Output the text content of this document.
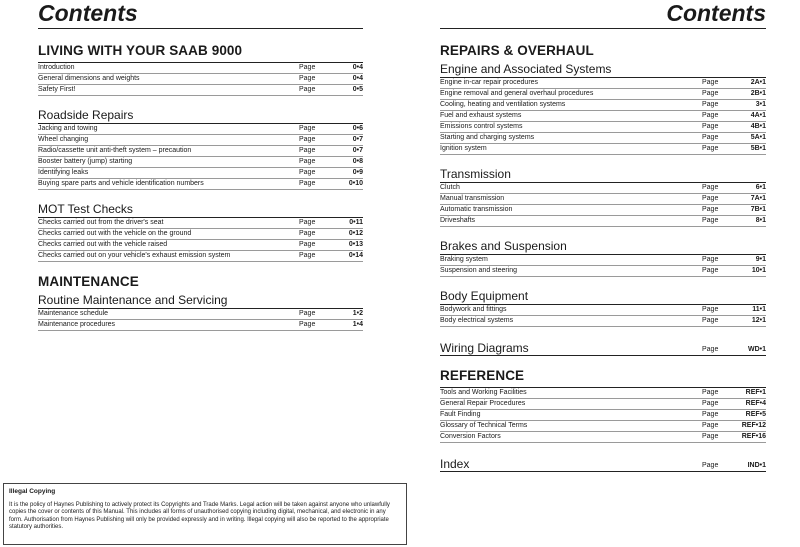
Contents
LIVING WITH YOUR SAAB 9000
Introduction	Page	0•4
General dimensions and weights	Page	0•4
Safety First!	Page	0•5
Roadside Repairs
Jacking and towing	Page	0•6
Wheel changing	Page	0•7
Radio/cassette unit anti-theft system – precaution	Page	0•7
Booster battery (jump) starting	Page	0•8
Identifying leaks	Page	0•9
Buying spare parts and vehicle identification numbers	Page	0•10
MOT Test Checks
Checks carried out from the driver's seat	Page	0•11
Checks carried out with the vehicle on the ground	Page	0•12
Checks carried out with the vehicle raised	Page	0•13
Checks carried out on your vehicle's exhaust emission system	Page	0•14
MAINTENANCE
Routine Maintenance and Servicing
Maintenance schedule	Page	1•2
Maintenance procedures	Page	1•4
Contents
REPAIRS & OVERHAUL
Engine and Associated Systems
Engine in-car repair procedures	Page	2A•1
Engine removal and general overhaul procedures	Page	2B•1
Cooling, heating and ventilation systems	Page	3•1
Fuel and exhaust systems	Page	4A•1
Emissions control systems	Page	4B•1
Starting and charging systems	Page	5A•1
Ignition system	Page	5B•1
Transmission
Clutch	Page	6•1
Manual transmission	Page	7A•1
Automatic transmission	Page	7B•1
Driveshafts	Page	8•1
Brakes and Suspension
Braking system	Page	9•1
Suspension and steering	Page	10•1
Body Equipment
Bodywork and fittings	Page	11•1
Body electrical systems	Page	12•1
Wiring Diagrams	Page	WD•1
REFERENCE
Tools and Working Facilities	Page	REF•1
General Repair Procedures	Page	REF•4
Fault Finding	Page	REF•5
Glossary of Technical Terms	Page	REF•12
Conversion Factors	Page	REF•16
Index	Page	IND•1
Illegal Copying
It is the policy of Haynes Publishing to actively protect its Copyrights and Trade Marks. Legal action will be taken against anyone who unlawfully copies the cover or contents of this Manual. This includes all forms of unauthorised copying including digital, mechanical, and electronic in any form. Authorisation from Haynes Publishing will only be provided expressly and in writing. Illegal copying will also be reported to the appropriate statutory authorities.
